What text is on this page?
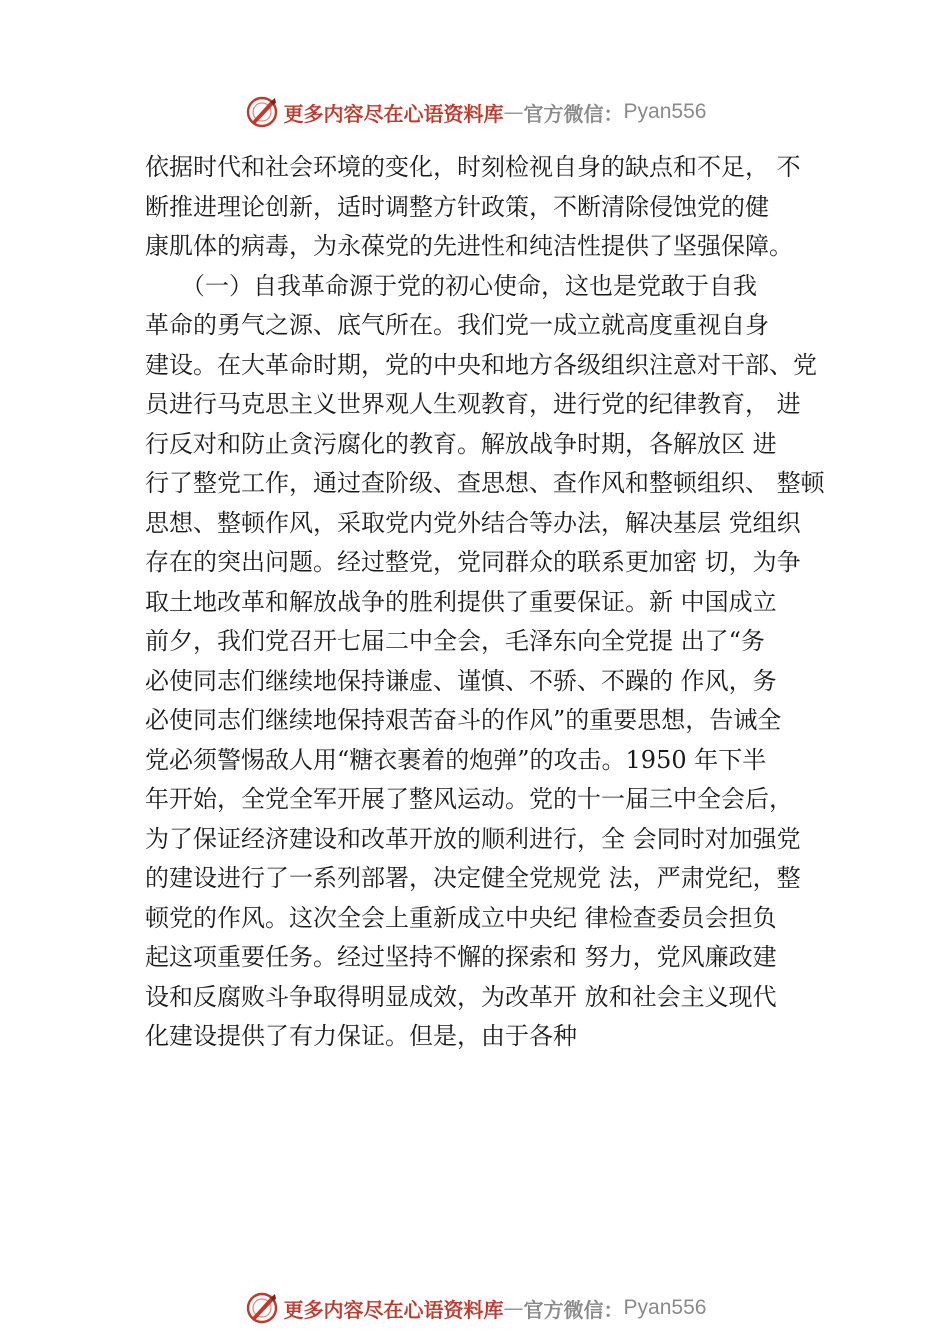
更多内容尽在心语资料库 — 官方微信： Pyan556
依据时代和社会环境的变化，时刻检视自身的缺点和不足， 不
断推进理论创新，适时调整方针政策，不断清除侵蚀党的健
康肌体的病毒，为永葆党的先进性和纯洁性提供了坚强保障。
　　（一）自我革命源于党的初心使命，这也是党敢于自我
革命的勇气之源、底气所在。我们党一成立就高度重视自身
建设。在大革命时期，党的中央和地方各级组织注意对干部、党
员进行马克思主义世界观人生观教育，进行党的纪律教育， 进
行反对和防止贪污腐化的教育。解放战争时期，各解放区 进
行了整党工作，通过查阶级、查思想、查作风和整顿组织、 整顿
思想、整顿作风，采取党内党外结合等办法，解决基层 党组织
存在的突出问题。经过整党，党同群众的联系更加密 切，为争
取土地改革和解放战争的胜利提供了重要保证。新 中国成立
前夕，我们党召开七届二中全会，毛泽东向全党提 出了“务
必使同志们继续地保持谦虚、谨慎、不骄、不躁的 作风，务
必使同志们继续地保持艰苦奋斗的作风”的重要思想，告诫全
党必须警惕敌人用“糖衣裹着的炮弹”的攻击。1950 年下半
年开始，全党全军开展了整风运动。党的十一届三中全会后，
为了保证经济建设和改革开放的顺利进行，全 会同时对加强党
的建设进行了一系列部署，决定健全党规党 法，严肃党纪，整
顿党的作风。这次全会上重新成立中央纪 律检查委员会担负
起这项重要任务。经过坚持不懈的探索和 努力，党风廉政建
设和反腐败斗争取得明显成效，为改革开 放和社会主义现代
化建设提供了有力保证。但是，由于各种
更多内容尽在心语资料库 — 官方微信： Pyan556
